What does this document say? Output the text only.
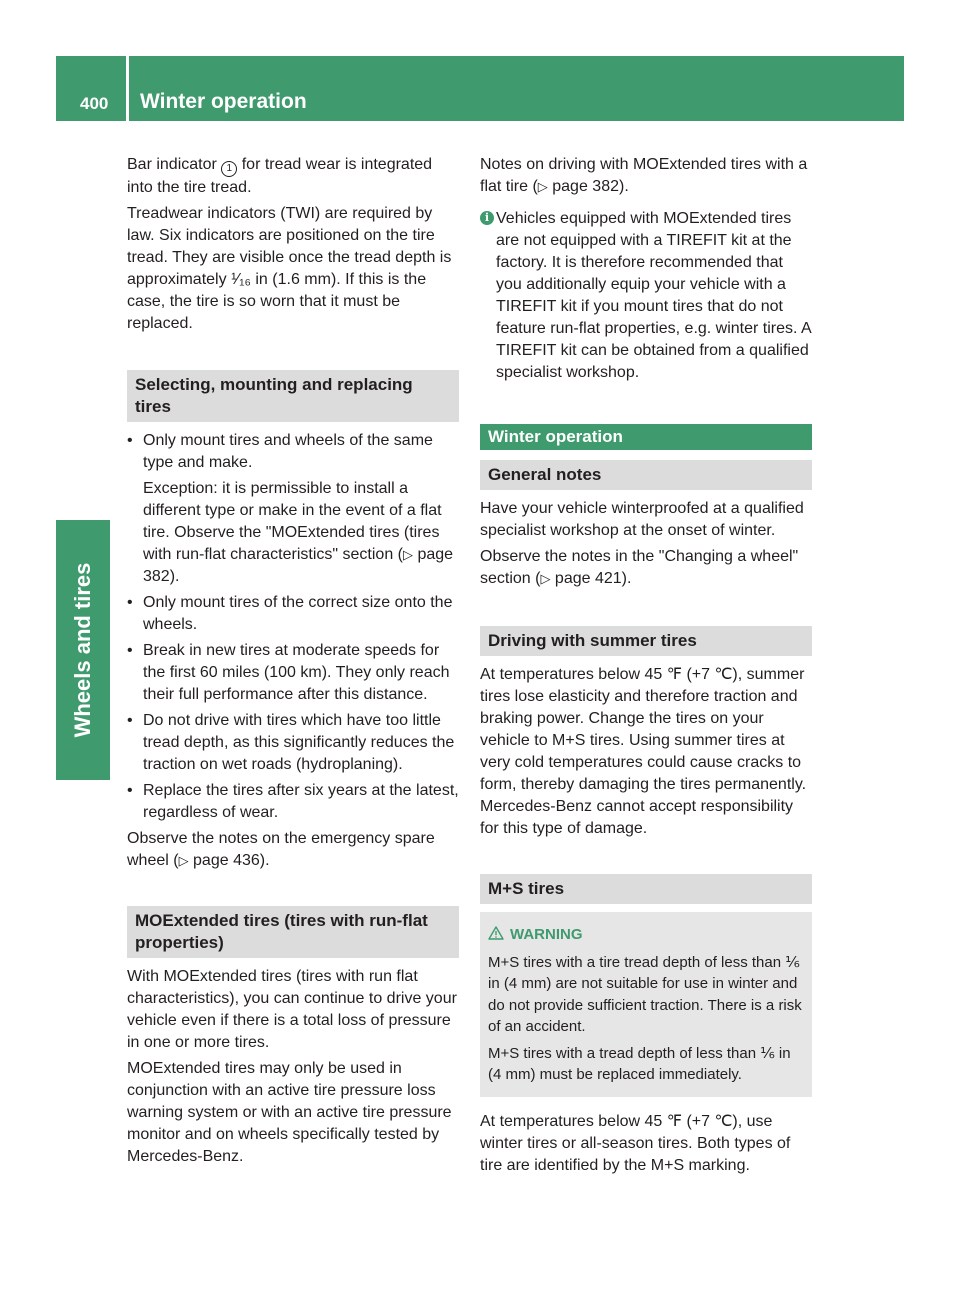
400 Winter operation
Wheels and tires

Bar indicator 1 for tread wear is integrated into the tire tread.

Treadwear indicators (TWI) are required by law. Six indicators are positioned on the tire tread. They are visible once the tread depth is approximately ¹⁄₁₆ in (1.6 mm). If this is the case, the tire is so worn that it must be replaced.

Selecting, mounting and replacing tires
• Only mount tires and wheels of the same type and make.

Exception: it is permissible to install a different type or make in the event of a flat tire. Observe the "MOExtended tires (tires with run-flat characteristics" section (▷ page 382).

• Only mount tires of the correct size onto the wheels.
• Break in new tires at moderate speeds for the first 60 miles (100 km). They only reach their full performance after this distance.
• Do not drive with tires which have too little tread depth, as this significantly reduces the traction on wet roads (hydroplaning).
• Replace the tires after six years at the latest, regardless of wear.

Observe the notes on the emergency spare wheel (▷ page 436).

MOExtended tires (tires with run-flat properties)

With MOExtended tires (tires with run flat characteristics), you can continue to drive your vehicle even if there is a total loss of pressure in one or more tires.

MOExtended tires may only be used in conjunction with an active tire pressure loss warning system or with an active tire pressure monitor and on wheels specifically tested by Mercedes-Benz.

Notes on driving with MOExtended tires with a flat tire (▷ page 382).

i Vehicles equipped with MOExtended tires are not equipped with a TIREFIT kit at the factory. It is therefore recommended that you additionally equip your vehicle with a TIREFIT kit if you mount tires that do not feature run-flat properties, e.g. winter tires. A TIREFIT kit can be obtained from a qualified specialist workshop.
Winter operation
General notes

Have your vehicle winterproofed at a qualified specialist workshop at the onset of winter.

Observe the notes in the "Changing a wheel" section (▷ page 421).

Driving with summer tires

At temperatures below 45 ℉ (+7 ℃), summer tires lose elasticity and therefore traction and braking power. Change the tires on your vehicle to M+S tires. Using summer tires at very cold temperatures could cause cracks to form, thereby damaging the tires permanently. Mercedes-Benz cannot accept responsibility for this type of damage.

M+S tires
WARNING

M+S tires with a tire tread depth of less than ⅙ in (4 mm) are not suitable for use in winter and do not provide sufficient traction. There is a risk of an accident.

M+S tires with a tread depth of less than ⅙ in (4 mm) must be replaced immediately.

At temperatures below 45 ℉ (+7 ℃), use winter tires or all-season tires. Both types of tire are identified by the M+S marking.
